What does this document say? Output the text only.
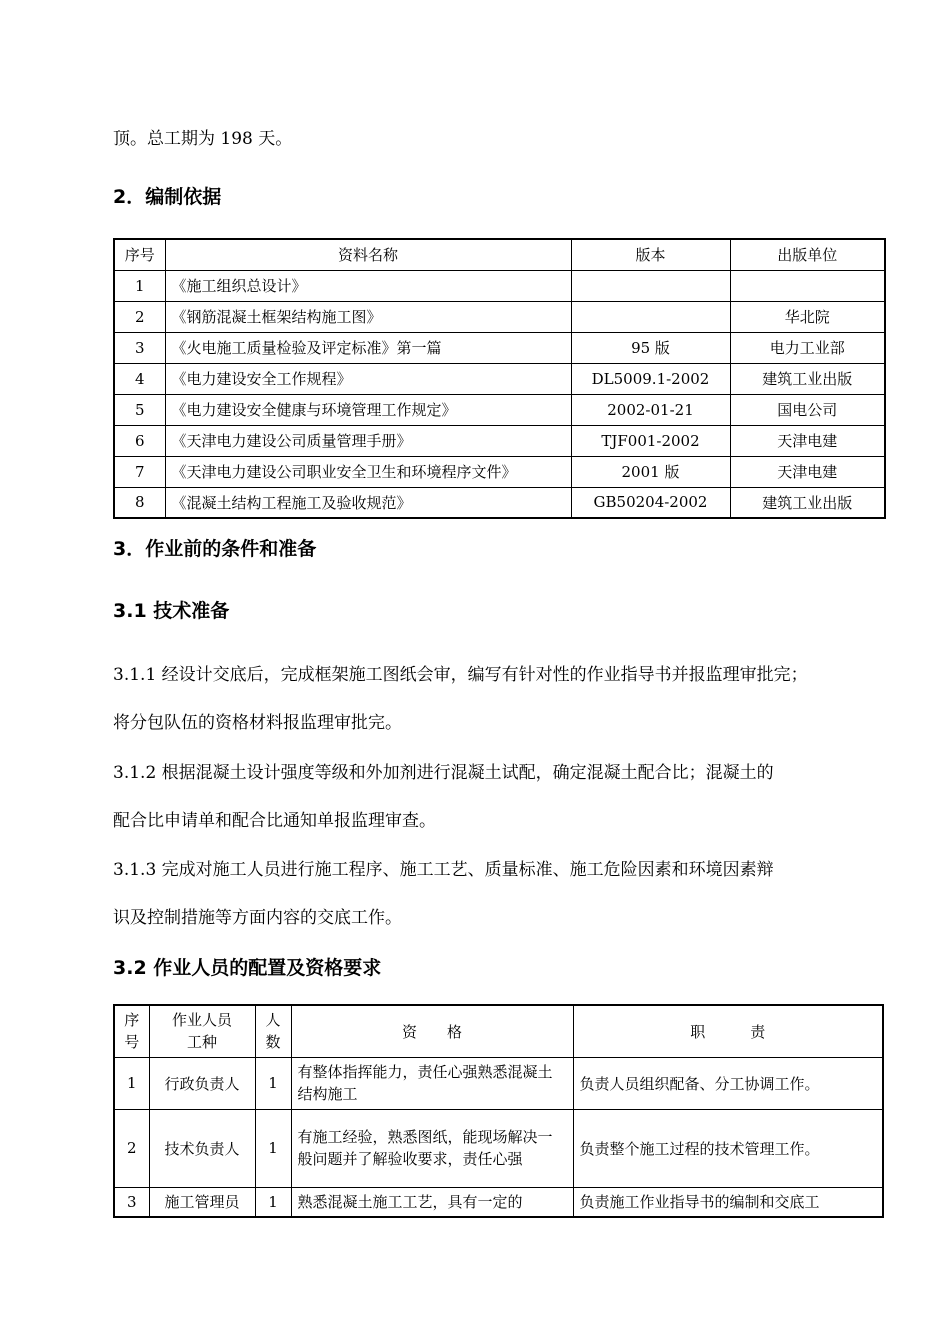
顶。总工期为 198 天。
2．编制依据
序号	资料名称	版本	出版单位
1	《施工组织总设计》		
2	《钢筋混凝土框架结构施工图》		华北院
3	《火电施工质量检验及评定标准》第一篇	95 版	电力工业部
4	《电力建设安全工作规程》	DL5009.1-2002	建筑工业出版
5	《电力建设安全健康与环境管理工作规定》	2002-01-21	国电公司
6	《天津电力建设公司质量管理手册》	TJF001-2002	天津电建
7	《天津电力建设公司职业安全卫生和环境程序文件》	2001 版	天津电建
8	《混凝土结构工程施工及验收规范》	GB50204-2002	建筑工业出版
3．作业前的条件和准备
3.1 技术准备
3.1.1 经设计交底后，完成框架施工图纸会审，编写有针对性的作业指导书并报监理审批完；
将分包队伍的资格材料报监理审批完。
3.1.2 根据混凝土设计强度等级和外加剂进行混凝土试配，确定混凝土配合比；混凝土的
配合比申请单和配合比通知单报监理审查。
3.1.3 完成对施工人员进行施工程序、施工工艺、质量标准、施工危险因素和环境因素辩
识及控制措施等方面内容的交底工作。
3.2 作业人员的配置及资格要求
序号	作业人员工种	人数	资　　格	职　　　责
1	行政负责人	1	有整体指挥能力，责任心强熟悉混凝土结构施工	负责人员组织配备、分工协调工作。
2	技术负责人	1	有施工经验，熟悉图纸，能现场解决一般问题并了解验收要求，责任心强	负责整个施工过程的技术管理工作。
3	施工管理员	1	熟悉混凝土施工工艺，具有一定的	负责施工作业指导书的编制和交底工
